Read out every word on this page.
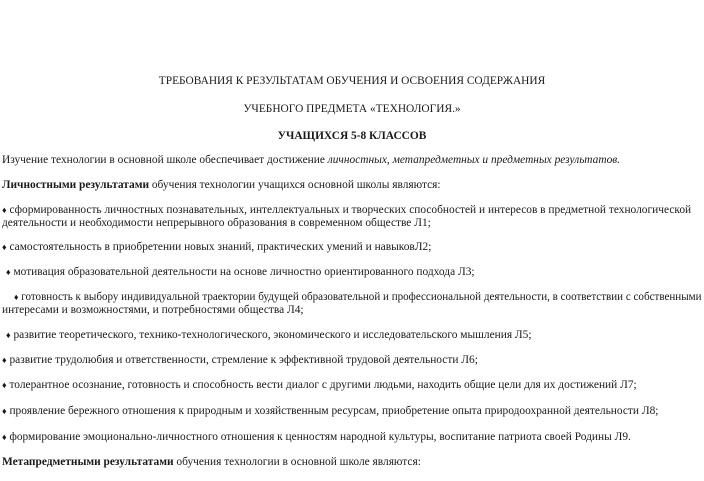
ТРЕБОВАНИЯ К РЕЗУЛЬТАТАМ ОБУЧЕНИЯ И ОСВОЕНИЯ СОДЕРЖАНИЯ
УЧЕБНОГО ПРЕДМЕТА «ТЕХНОЛОГИЯ.»
УЧАЩИХСЯ 5-8 КЛАССОВ
Изучение технологии в основной школе обеспечивает достижение личностных, метапредметных и предметных результатов.
Личностными результатами обучения технологии учащихся основной школы являются:
♦ сформированность личностных познавательных, интеллектуальных и творческих способностей и интересов в предметной технологической
деятельности и необходимости непрерывного образования в современном обществе Л1;
♦ самостоятельность в приобретении новых знаний, практических умений и навыковЛ2;
♦ мотивация образовательной деятельности на основе личностно ориентированного подхода Л3;
♦ готовность к выбору индивидуальной траектории будущей образовательной и профессиональной деятельности, в соответствии с собственными
интересами и возможностями, и потребностями общества Л4;
♦ развитие теоретического, технико-технологического, экономического и исследовательского мышления Л5;
♦ развитие трудолюбия и ответственности, стремление к эффективной трудовой деятельности Л6;
♦ толерантное осознание, готовность и способность вести диалог с другими людьми, находить общие цели для их достижений Л7;
♦ проявление бережного отношения к природным и хозяйственным ресурсам, приобретение опыта природоохранной деятельности Л8;
♦ формирование эмоционально-личностного отношения к ценностям народной культуры, воспитание патриота своей Родины Л9.
Метапредметными результатами обучения технологии в основной школе являются:
